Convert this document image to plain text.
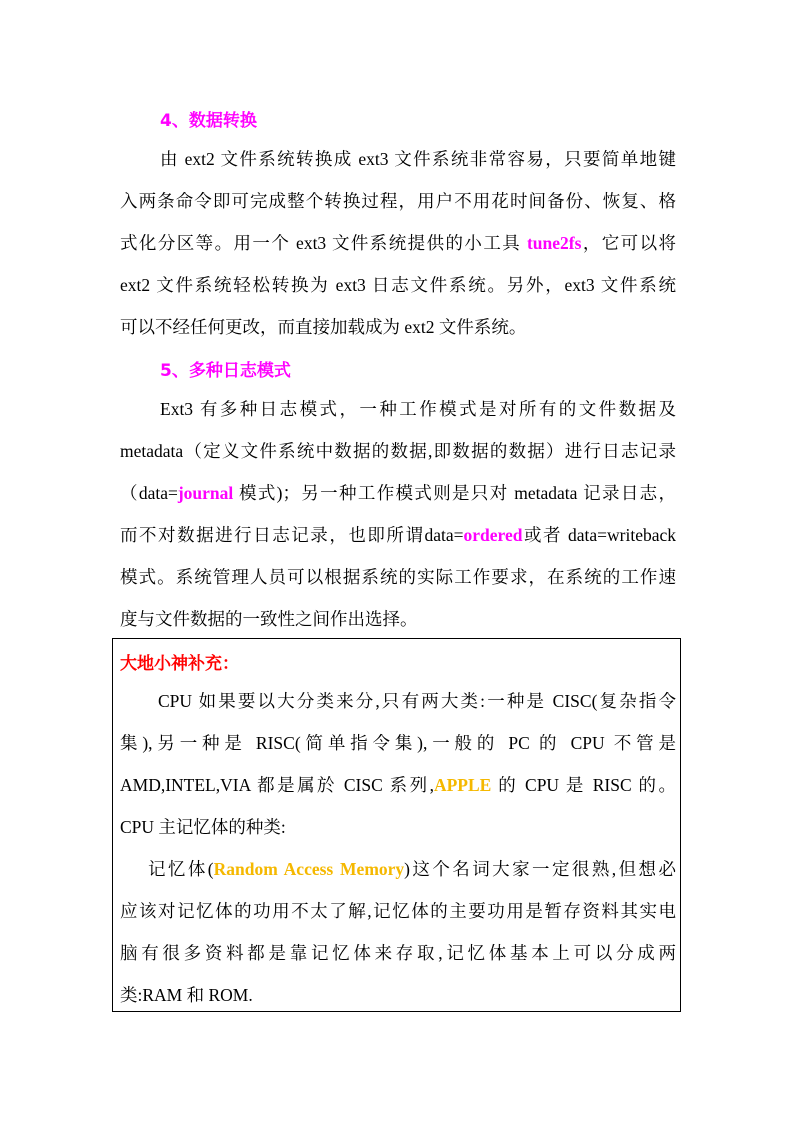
4、数据转换
由 ext2 文件系统转换成 ext3 文件系统非常容易，只要简单地键
入两条命令即可完成整个转换过程，用户不用花时间备份、恢复、格
式化分区等。用一个 ext3 文件系统提供的小工具 tune2fs，它可以将
ext2 文件系统轻松转换为 ext3 日志文件系统。另外，ext3 文件系统
可以不经任何更改，而直接加载成为 ext2 文件系统。
5、多种日志模式
Ext3 有多种日志模式，一种工作模式是对所有的文件数据及
metadata（定义文件系统中数据的数据,即数据的数据）进行日志记录
（data=journal 模式)；另一种工作模式则是只对 metadata 记录日志，
而不对数据进行日志记录，也即所谓data=ordered或者 data=writeback
模式。系统管理人员可以根据系统的实际工作要求，在系统的工作速
度与文件数据的一致性之间作出选择。
大地小神补充：
CPU 如果要以大分类来分,只有两大类:一种是 CISC(复杂指令
集),另一种是 RISC(简单指令集),一般的 PC 的 CPU 不管是
AMD,INTEL,VIA 都是属於 CISC 系列,APPLE 的 CPU 是 RISC 的。
CPU 主记忆体的种类:
记忆体(Random Access Memory)这个名词大家一定很熟,但想必
应该对记忆体的功用不太了解,记忆体的主要功用是暂存资料其实电
脑有很多资料都是靠记忆体来存取,记忆体基本上可以分成两
类:RAM 和 ROM.
